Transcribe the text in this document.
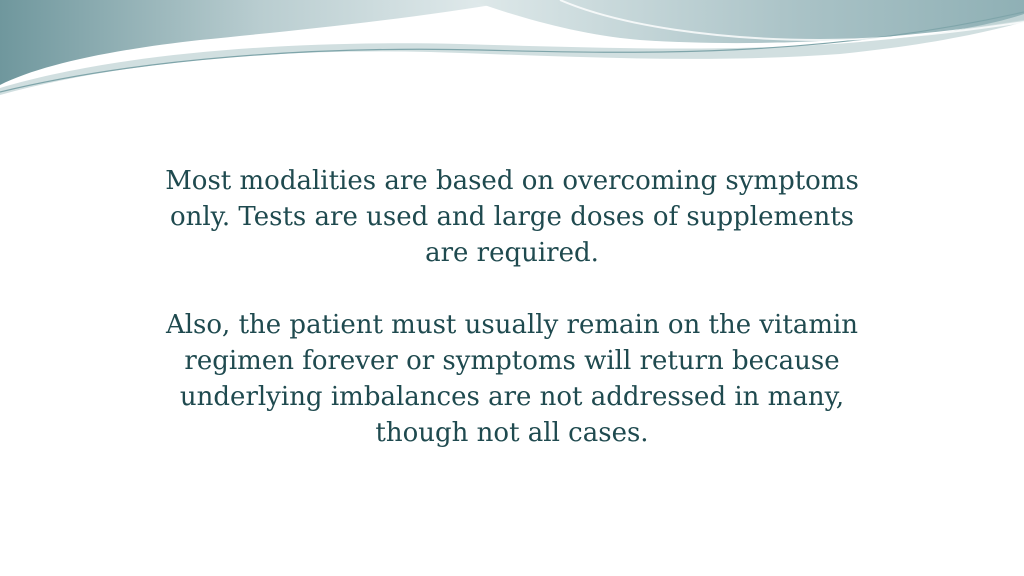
Most modalities are based on overcoming symptoms only. Tests are used and large doses of supplements are required.

Also, the patient must usually remain on the vitamin regimen forever or symptoms will return because underlying imbalances are not addressed in many, though not all cases.
